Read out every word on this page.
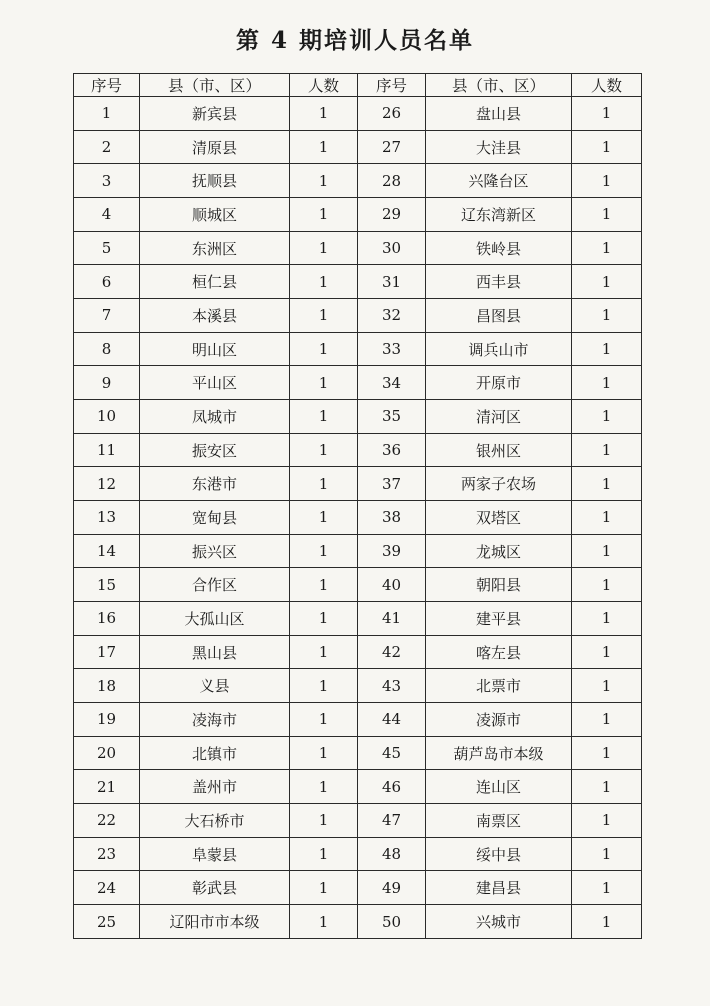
第 4 期培训人员名单
序号	县（市、区）	人数	序号	县（市、区）	人数
1	新宾县	1	26	盘山县	1
2	清原县	1	27	大洼县	1
3	抚顺县	1	28	兴隆台区	1
4	顺城区	1	29	辽东湾新区	1
5	东洲区	1	30	铁岭县	1
6	桓仁县	1	31	西丰县	1
7	本溪县	1	32	昌图县	1
8	明山区	1	33	调兵山市	1
9	平山区	1	34	开原市	1
10	凤城市	1	35	清河区	1
11	振安区	1	36	银州区	1
12	东港市	1	37	两家子农场	1
13	宽甸县	1	38	双塔区	1
14	振兴区	1	39	龙城区	1
15	合作区	1	40	朝阳县	1
16	大孤山区	1	41	建平县	1
17	黑山县	1	42	喀左县	1
18	义县	1	43	北票市	1
19	凌海市	1	44	凌源市	1
20	北镇市	1	45	葫芦岛市本级	1
21	盖州市	1	46	连山区	1
22	大石桥市	1	47	南票区	1
23	阜蒙县	1	48	绥中县	1
24	彰武县	1	49	建昌县	1
25	辽阳市市本级	1	50	兴城市	1
